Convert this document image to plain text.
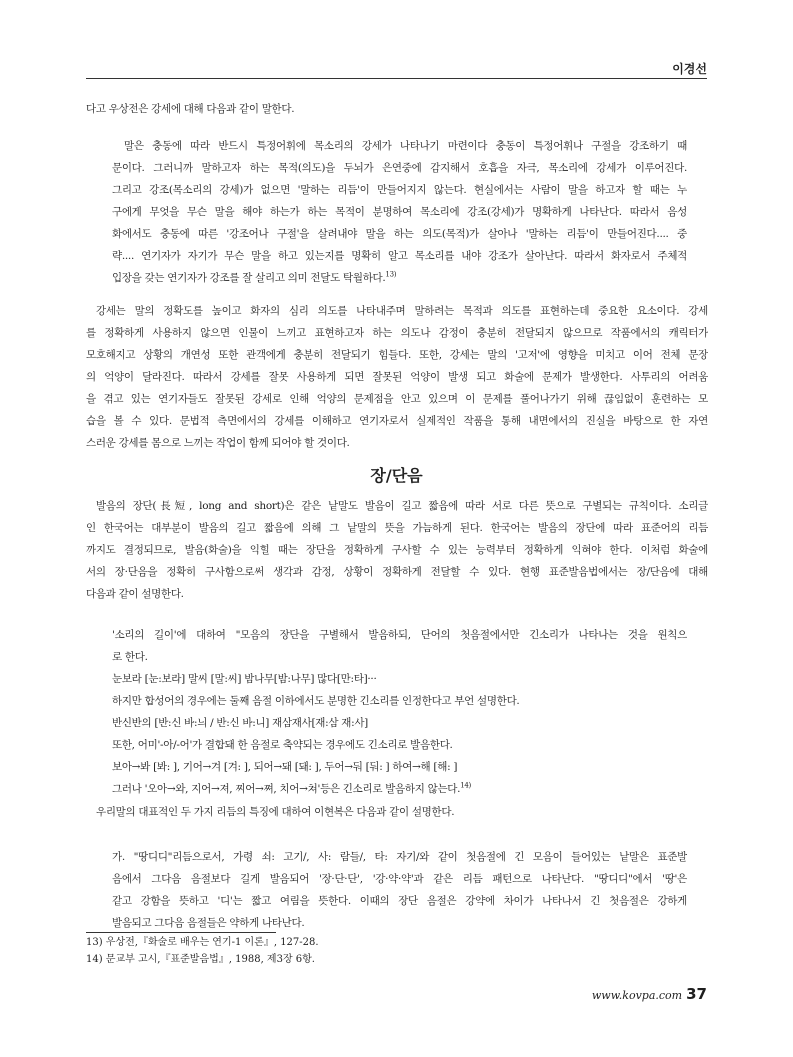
이경선

다고 우상전은 강세에 대해 다음과 같이 말한다.

말은 충동에 따라 반드시 특정어휘에 목소리의 강세가 나타나기 마련이다 충동이 특정어휘나 구절을 강조하기 때
문이다. 그러니까 말하고자 하는 목적(의도)을 두뇌가 은연중에 감지해서 호흡을 자극, 목소리에 강세가 이루어진다.
그리고 강조(목소리의 강세)가 없으면 '말하는 리듬'이 만들어지지 않는다. 현실에서는 사람이 말을 하고자 할 때는 누
구에게 무엇을 무슨 말을 해야 하는가 하는 목적이 분명하여 목소리에 강조(강세)가 명확하게 나타난다. 따라서 음성
화에서도 충동에 따른 '강조어나 구절'을 살려내야 말을 하는 의도(목적)가 살아나 '말하는 리듬'이 만들어진다.... 중
략.... 연기자가 자기가 무슨 말을 하고 있는지를 명확히 알고 목소리를 내야 강조가 살아난다. 따라서 화자로서 주체적
입장을 갖는 연기자가 강조를 잘 살리고 의미 전달도 탁월하다.$^{13)}$

강세는 말의 정확도를 높이고 화자의 심리 의도를 나타내주며 말하려는 목적과 의도를 표현하는데 중요한 요소이다. 강세
를 정확하게 사용하지 않으면 인물이 느끼고 표현하고자 하는 의도나 감정이 충분히 전달되지 않으므로 작품에서의 캐릭터가
모호해지고 상황의 개연성 또한 관객에게 충분히 전달되기 힘들다. 또한, 강세는 말의 '고저'에 영향을 미치고 이어 전체 문장
의 억양이 달라진다. 따라서 강세를 잘못 사용하게 되면 잘못된 억양이 발생 되고 화술에 문제가 발생한다. 사투리의 어려움
을 겪고 있는 연기자들도 잘못된 강세로 인해 억양의 문제점을 안고 있으며 이 문제를 풀어나가기 위해 끊임없이 훈련하는 모
습을 볼 수 있다. 문법적 측면에서의 강세를 이해하고 연기자로서 실제적인 작품을 통해 내면에서의 진실을 바탕으로 한 자연
스러운 강세를 몸으로 느끼는 작업이 함께 되어야 할 것이다.

장/단음

발음의 장단(長短, long and short)은 같은 낱말도 발음이 길고 짧음에 따라 서로 다른 뜻으로 구별되는 규칙이다. 소리글
인 한국어는 대부분이 발음의 길고 짧음에 의해 그 낱말의 뜻을 가늠하게 된다. 한국어는 발음의 장단에 따라 표준어의 리듬
까지도 결정되므로, 발음(화술)을 익힐 때는 장단을 정확하게 구사할 수 있는 능력부터 정확하게 익혀야 한다. 이처럼 화술에
서의 장·단음을 정확히 구사함으로써 생각과 감정, 상황이 정확하게 전달할 수 있다. 현행 표준발음법에서는 장/단음에 대해
다음과 같이 설명한다.

'소리의 길이'에 대하여 "모음의 장단을 구별해서 발음하되, 단어의 첫음절에서만 긴소리가 나타나는 것을 원칙으
로 한다.
눈보라 [눈:보라] 말씨 [말:씨] 밤나무[밤:나무] 많다[만:타]···
하지만 합성어의 경우에는 둘째 음절 이하에서도 분명한 긴소리를 인정한다고 부언 설명한다.
반신반의 [반:신 바:늬 / 반:신 바:니] 재삼재사[재:삼 재:사]
또한, 어미'-아/-어'가 결합돼 한 음절로 축약되는 경우에도 긴소리로 발음한다.
보아→봐 [봐: ], 기어→겨 [겨: ], 되어→돼 [돼: ], 두어→둬 [둬: ] 하여→해 [해: ]
그러나 '오아→와, 지어→져, 찌어→쪄, 치어→쳐'등은 긴소리로 발음하지 않는다.$^{14)}$

우리말의 대표적인 두 가지 리듬의 특징에 대하여 이현복은 다음과 같이 설명한다.

가. "땅디디"리듬으로서, 가령 쇠: 고기/, 사: 람들/, 타: 자기/와 같이 첫음절에 긴 모음이 들어있는 낱말은 표준발
음에서 그다음 음절보다 길게 발음되어 '장·단·단', '강·약·약'과 같은 리듬 패턴으로 나타난다. "땅디디"에서 '땅'은
같고 강함을 뜻하고 '디'는 짧고 여림을 뜻한다. 이때의 장단 음절은 강약에 차이가 나타나서 긴 첫음절은 강하게
발음되고 그다음 음절들은 약하게 나타난다.

13) 우상전,『화술로 배우는 연기-1 이론』, 127-28.
14) 문교부 고시,『표준발음법』, 1988, 제3장 6항.
www.kovpa.com 37
